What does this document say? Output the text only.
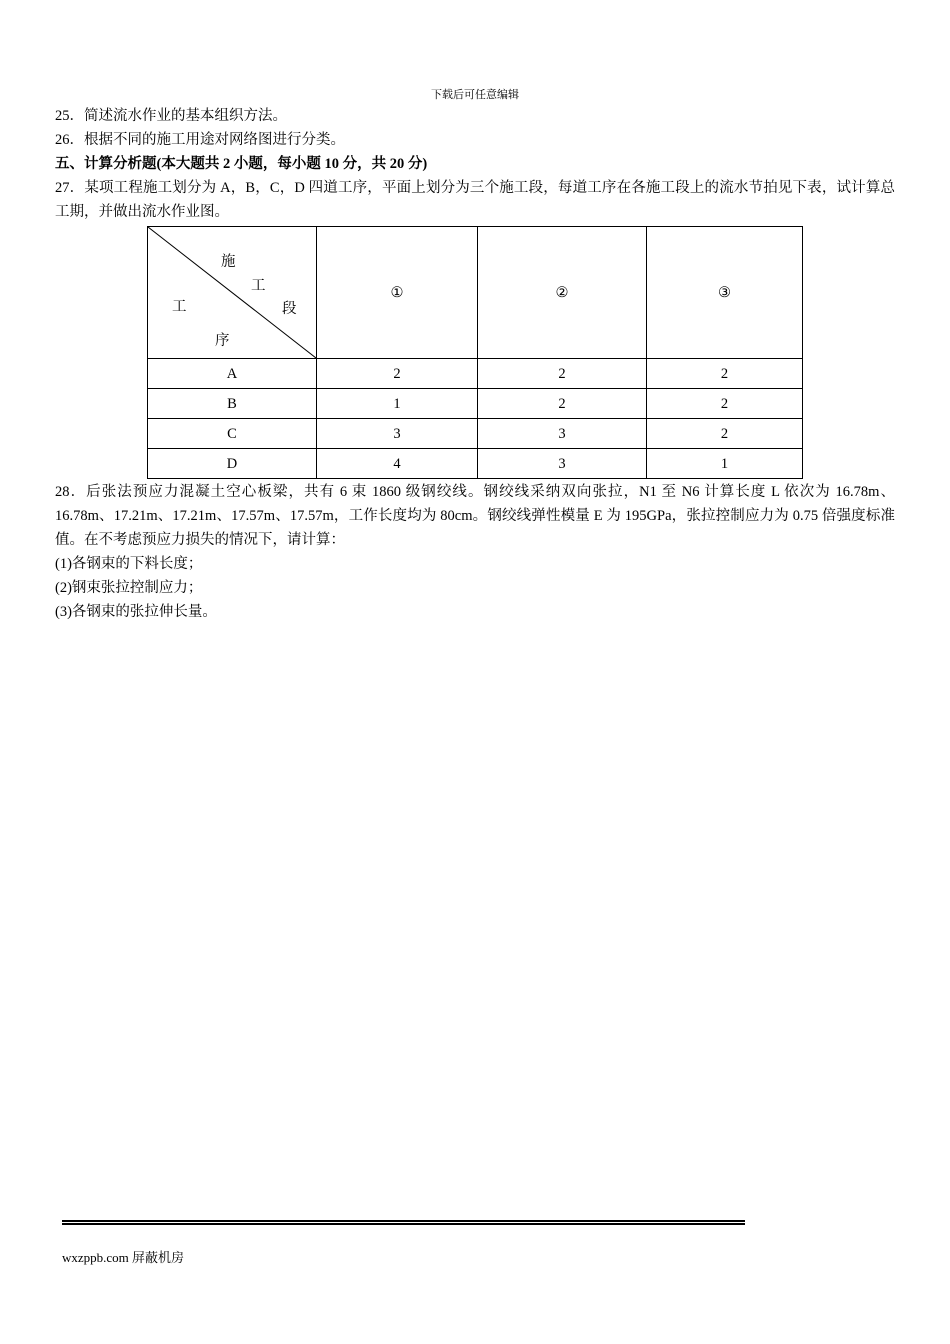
下载后可任意编辑

25．简述流水作业的基本组织方法。

26．根据不同的施工用途对网络图进行分类。

五、计算分析题(本大题共 2 小题，每小题 10 分，共 20 分)

27．某项工程施工划分为 A，B，C，D 四道工序，平面上划分为三个施工段，每道工序在各施工段上的流水节拍见下表，试计算总工期，并做出流水作业图。

施
工
段
工
序	①	②	③
A	2	2	2
B	1	2	2
C	3	3	2
D	4	3	1

28．后张法预应力混凝土空心板梁，共有 6 束 1860 级钢绞线。钢绞线采纳双向张拉，N1 至 N6 计算长度 L 依次为 16.78m、16.78m、17.21m、17.21m、17.57m、17.57m，工作长度均为 80cm。钢绞线弹性模量 E 为 195GPa，张拉控制应力为 0.75 倍强度标准值。在不考虑预应力损失的情况下，请计算：

(1)各钢束的下料长度；

(2)钢束张拉控制应力；

(3)各钢束的张拉伸长量。

wxzppb.com 屏蔽机房
